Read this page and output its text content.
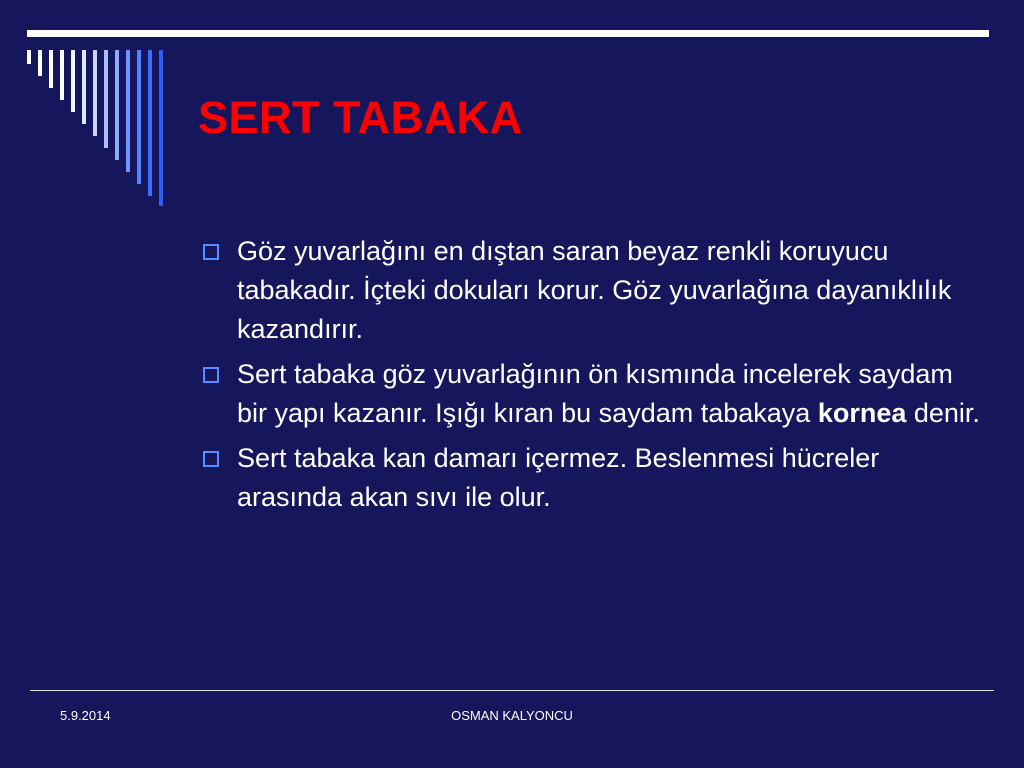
SERT TABAKA
Göz yuvarlağını en dıştan saran beyaz renkli koruyucu tabakadır. İçteki dokuları korur. Göz yuvarlağına dayanıklılık kazandırır.
Sert tabaka göz yuvarlağının ön kısmında incelerek saydam bir yapı kazanır. Işığı kıran bu saydam tabakaya kornea denir.
Sert tabaka kan damarı içermez. Beslenmesi hücreler arasında akan sıvı ile olur.
5.9.2014	OSMAN KALYONCU
